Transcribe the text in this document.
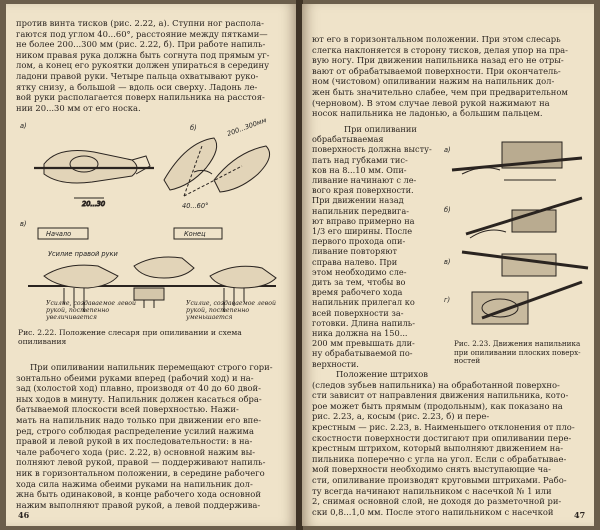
против винта тисков (рис. 2.22, а). Ступни ног распола-
гаются под углом 40...60°, расстояние между пятками—
не более 200...300 мм (рис. 2.22, б). При работе напиль-
ником правая рука должна быть согнута под прямым уг-
лом, а конец его рукоятки должен упираться в середину
ладони правой руки. Четыре пальца охватывают руко-
ятку снизу, а большой — вдоль оси сверху. Ладонь ле-
вой руки располагается поверх напильника на расстоя-
нии 20...30 мм от его носка.
а)
20...30
б)
40...60°
200...300мм
в)
Начало	Конец
Усилие правой руки
Усилие, создаваемое левой рукой, постепенно увеличивается
Усилие, создаваемое левой рукой, постепенно уменьшается
Рис. 2.22. Положение слесаря при опиливании и схема
опиливания
При опиливании напильник перемещают строго гори-
зонтально обеими руками вперед (рабочий ход) и на-
зад (холостой ход) плавно, производя от 40 до 60 двой-
ных ходов в минуту. Напильник должен касаться обра-
батываемой плоскости всей поверхностью. Нажи-
мать на напильник надо только при движении его впе-
ред, строго соблюдая распределение усилий нажима
правой и левой рукой в их последовательности: в на-
чале рабочего хода (рис. 2.22, в) основной нажим вы-
полняют левой рукой, правой — поддерживают напиль-
ник в горизонтальном положении, в середине рабочего
хода сила нажима обеими руками на напильник дол-
жна быть одинаковой, в конце рабочего хода основной
нажим выполняют правой рукой, а левой поддержива-
46
ют его в горизонтальном положении. При этом слесарь
слегка наклоняется в сторону тисков, делая упор на пра-
вую ногу. При движении напильника назад его не отры-
вают от обрабатываемой поверхности. При окончатель-
ном (чистовом) опиливании нажим на напильник дол-
жен быть значительно слабее, чем при предварительном
(черновом). В этом случае левой рукой нажимают на
носок напильника не ладонью, а большим пальцем.
При опиливании
обрабатываемая
поверхность должна высту-
пать над губками тис-
ков на 8...10 мм. Опи-
ливание начинают с ле-
вого края поверхности.
При движении назад
напильник передвига-
ют вправо примерно на
1/3 его ширины. После
первого прохода опи-
ливание повторяют
справа налево. При
этом необходимо сле-
дить за тем, чтобы во
время рабочего хода
напильник прилегал ко
всей поверхности за-
готовки. Длина напиль-
ника должна на 150...
200 мм превышать дли-
ну обрабатываемой по-
верхности.
а)
б)
в)
г)
Рис. 2.23. Движения напильника
при опиливании плоских поверх-
ностей
Положение штрихов
(следов зубьев напильника) на обработанной поверхно-
сти зависит от направления движения напильника, кото-
рое может быть прямым (продольным), как показано на
рис. 2.23, а, косым (рис. 2.23, б) и пере-
крестным — рис. 2.23, в. Наименьшего отклонения от пло-
скостности поверхности достигают при опиливании пере-
крестным штрихом, который выполняют движением на-
пильника поперечно с угла на угол. Если с обрабатывае-
мой поверхности необходимо снять выступающие ча-
сти, опиливание производят круговыми штрихами. Рабо-
ту всегда начинают напильником с насечкой № 1 или
2, снимая основной слой, не доходя до разметочной ри-
ски 0,8...1,0 мм. После этого напильником с насечкой	47
